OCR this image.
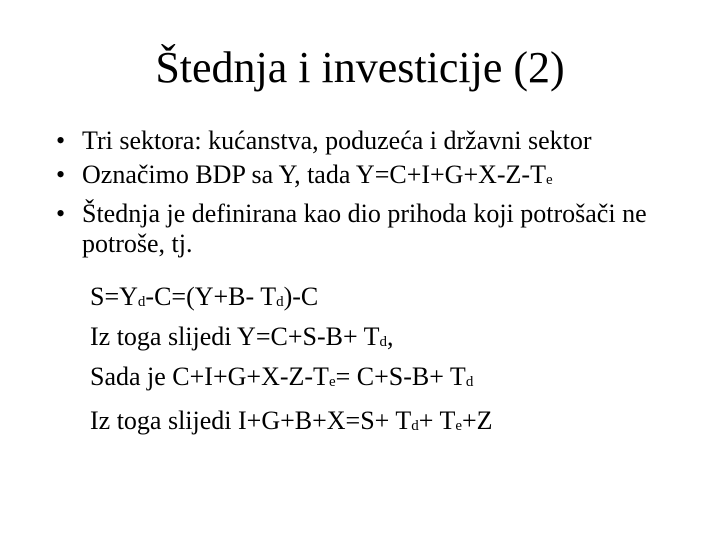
Štednja i investicije (2)
• Tri sektora: kućanstva, poduzeća i državni sektor
• Označimo BDP sa Y, tada Y=C+I+G+X-Z-Te
• Štednja je definirana kao dio prihoda koji potrošači ne potroše, tj.
S=Yd-C=(Y+B- Td)-C
Iz toga slijedi Y=C+S-B+ Td,
Sada je C+I+G+X-Z-Te= C+S-B+ Td
Iz toga slijedi I+G+B+X=S+ Td+ Te+Z
